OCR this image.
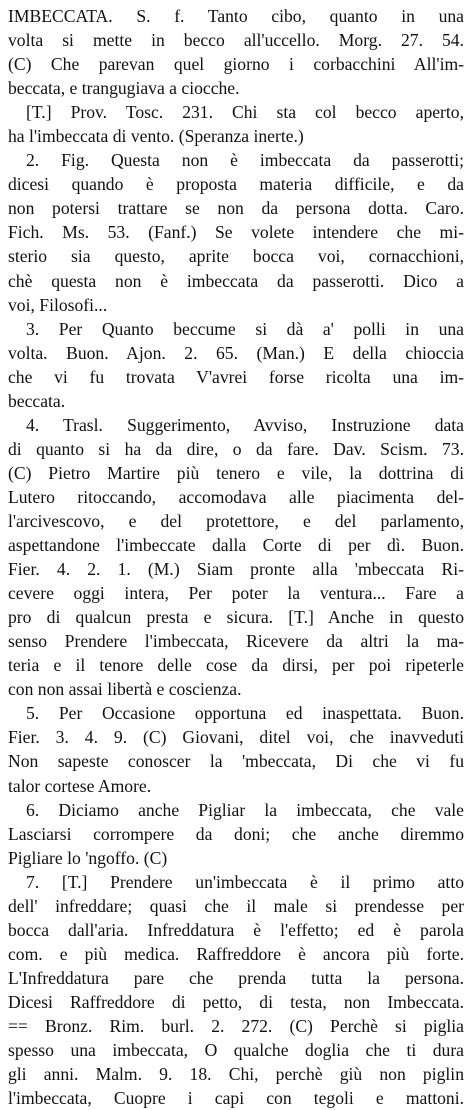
IMBECCATA. S. f. Tanto cibo, quanto in una
volta si mette in becco all'uccello. Morg. 27. 54.
(C) Che parevan quel giorno i corbacchini All'im-
beccata, e trangugiava a ciocche.
[T.] Prov. Tosc. 231. Chi sta col becco aperto,
ha l'imbeccata di vento. (Speranza inerte.)
2. Fig. Questa non è imbeccata da passerotti;
dicesi quando è proposta materia difficile, e da
non potersi trattare se non da persona dotta. Caro.
Fich. Ms. 53. (Fanf.) Se volete intendere che mi-
sterio sia questo, aprite bocca voi, cornacchioni,
chè questa non è imbeccata da passerotti. Dico a
voi, Filosofi...
3. Per Quanto beccume si dà a' polli in una
volta. Buon. Ajon. 2. 65. (Man.) E della chioccia
che vi fu trovata V'avrei forse ricolta una im-
beccata.
4. Trasl. Suggerimento, Avviso, Instruzione data
di quanto si ha da dire, o da fare. Dav. Scism. 73.
(C) Pietro Martire più tenero e vile, la dottrina di
Lutero ritoccando, accomodava alle piacimenta del-
l'arcivescovo, e del protettore, e del parlamento,
aspettandone l'imbeccate dalla Corte di per dì. Buon.
Fier. 4. 2. 1. (M.) Siam pronte alla 'mbeccata Ri-
cevere oggi intera, Per poter la ventura... Fare a
pro di qualcun presta e sicura. [T.] Anche in questo
senso Prendere l'imbeccata, Ricevere da altri la ma-
teria e il tenore delle cose da dirsi, per poi ripeterle
con non assai libertà e coscienza.
5. Per Occasione opportuna ed inaspettata. Buon.
Fier. 3. 4. 9. (C) Giovani, ditel voi, che inavveduti
Non sapeste conoscer la 'mbeccata, Di che vi fu
talor cortese Amore.
6. Diciamo anche Pigliar la imbeccata, che vale
Lasciarsi corrompere da doni; che anche diremmo
Pigliare lo 'ngoffo. (C)
7. [T.] Prendere un'imbeccata è il primo atto
dell' infreddare; quasi che il male si prendesse per
bocca dall'aria. Infreddatura è l'effetto; ed è parola
com. e più medica. Raffreddore è ancora più forte.
L'Infreddatura pare che prenda tutta la persona.
Dicesi Raffreddore di petto, di testa, non Imbeccata.
== Bronz. Rim. burl. 2. 272. (C) Perchè si piglia
spesso una imbeccata, O qualche doglia che ti dura
gli anni. Malm. 9. 18. Chi, perchè giù non piglin
l'imbeccata, Cuopre i capi con tegoli e mattoni.
